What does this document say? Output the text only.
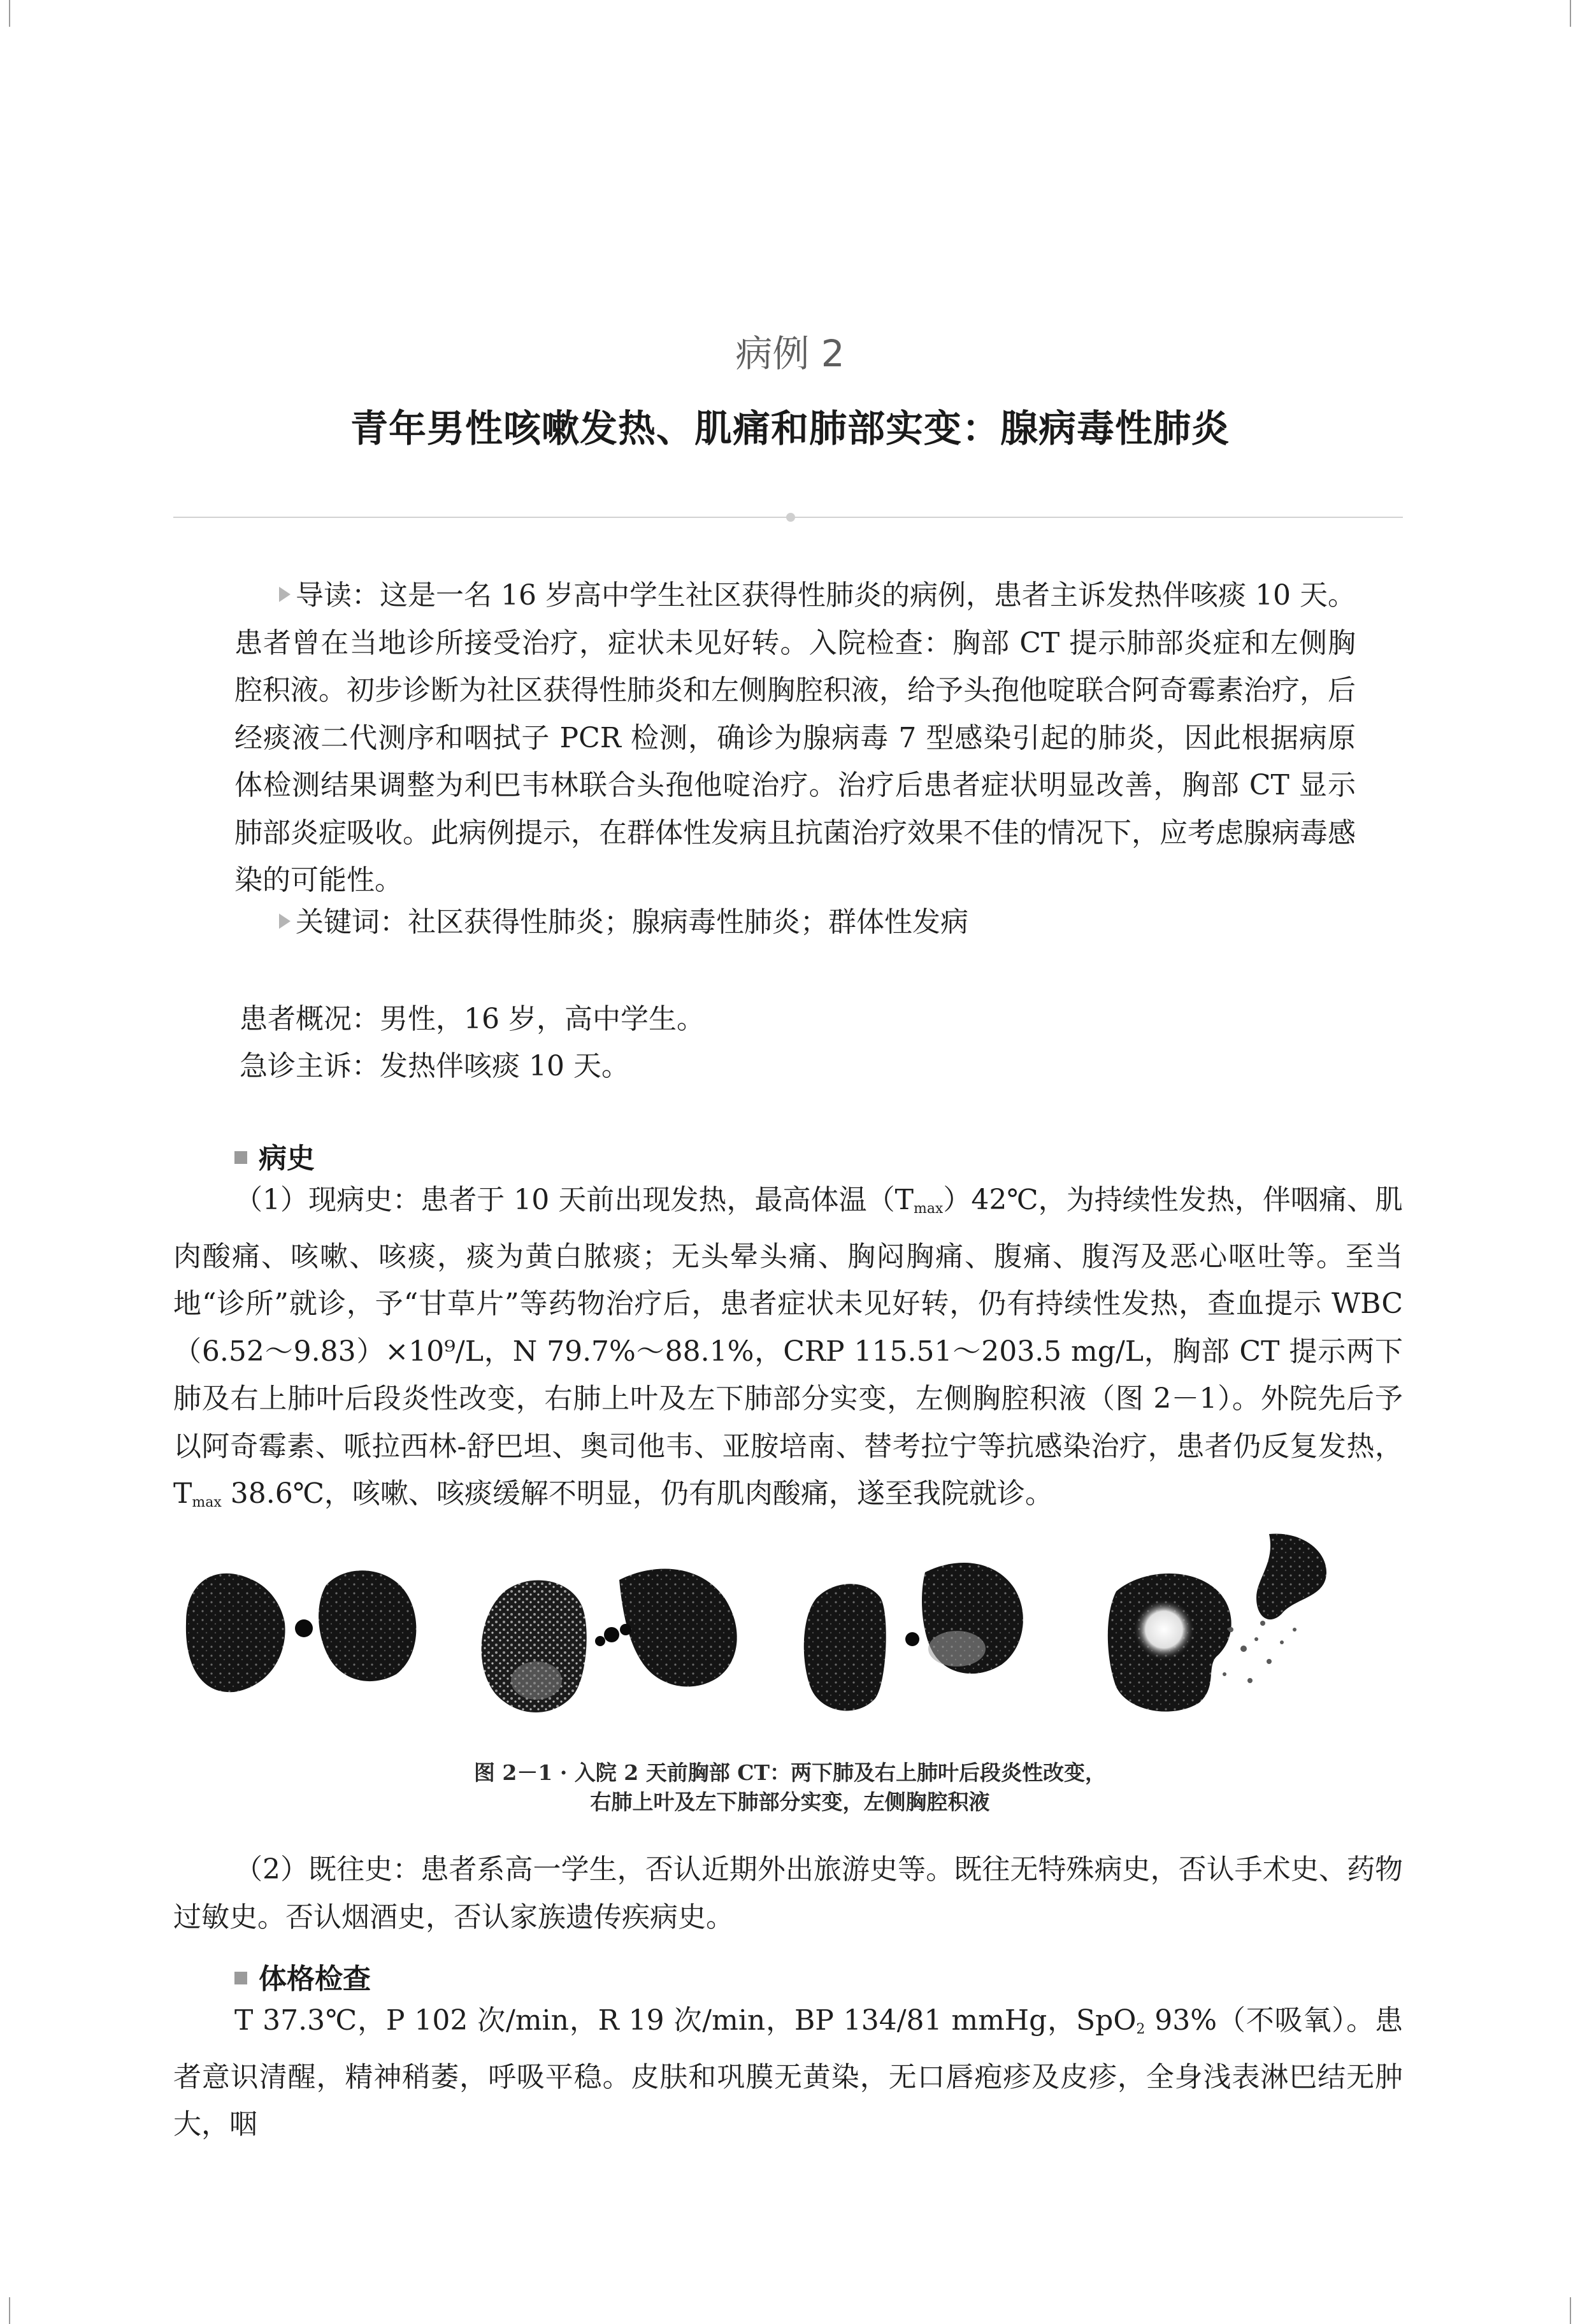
病例 2
青年男性咳嗽发热、肌痛和肺部实变：腺病毒性肺炎
导读：这是一名 16 岁高中学生社区获得性肺炎的病例，患者主诉发热伴咳痰 10 天。患者曾在当地诊所接受治疗，症状未见好转。入院检查：胸部 CT 提示肺部炎症和左侧胸腔积液。初步诊断为社区获得性肺炎和左侧胸腔积液，给予头孢他啶联合阿奇霉素治疗，后经痰液二代测序和咽拭子 PCR 检测，确诊为腺病毒 7 型感染引起的肺炎，因此根据病原体检测结果调整为利巴韦林联合头孢他啶治疗。治疗后患者症状明显改善，胸部 CT 显示肺部炎症吸收。此病例提示，在群体性发病且抗菌治疗效果不佳的情况下，应考虑腺病毒感染的可能性。
关键词：社区获得性肺炎；腺病毒性肺炎；群体性发病
患者概况：男性，16 岁，高中学生。
急诊主诉：发热伴咳痰 10 天。
病史
（1）现病史：患者于 10 天前出现发热，最高体温$(T_{max})42℃$，为持续性发热，伴咽痛、肌肉酸痛、咳嗽、咳痰，痰为黄白脓痰；无头晕头痛、胸闷胸痛、腹痛、腹泻及恶心呕吐等。至当地“诊所”就诊，予“甘草片”等药物治疗后，患者症状未见好转，仍有持续性发热，查血提示 WBC（6.52～9.83）×10⁹/L，N 79.7%～88.1%，CRP 115.51～203.5 mg/L，胸部 CT 提示两下肺及右上肺叶后段炎性改变，右肺上叶及左下肺部分实变，左侧胸腔积液（图 2－1）。外院先后予以阿奇霉素、哌拉西林-舒巴坦、奥司他韦、亚胺培南、替考拉宁等抗感染治疗，患者仍反复发热，$T_{max}$ 38.6℃，咳嗽、咳痰缓解不明显，仍有肌肉酸痛，遂至我院就诊。
图 2－1 · 入院 2 天前胸部 CT：两下肺及右上肺叶后段炎性改变，
右肺上叶及左下肺部分实变，左侧胸腔积液
（2）既往史：患者系高一学生，否认近期外出旅游史等。既往无特殊病史，否认手术史、药物过敏史。否认烟酒史，否认家族遗传疾病史。
体格检查
T 37.3℃，P 102 次/min，R 19 次/min，BP 134/81 mmHg，SpO$_2$ 93%（不吸氧）。患者意识清醒，精神稍萎，呼吸平稳。皮肤和巩膜无黄染，无口唇疱疹及皮疹，全身浅表淋巴结无肿大，咽
